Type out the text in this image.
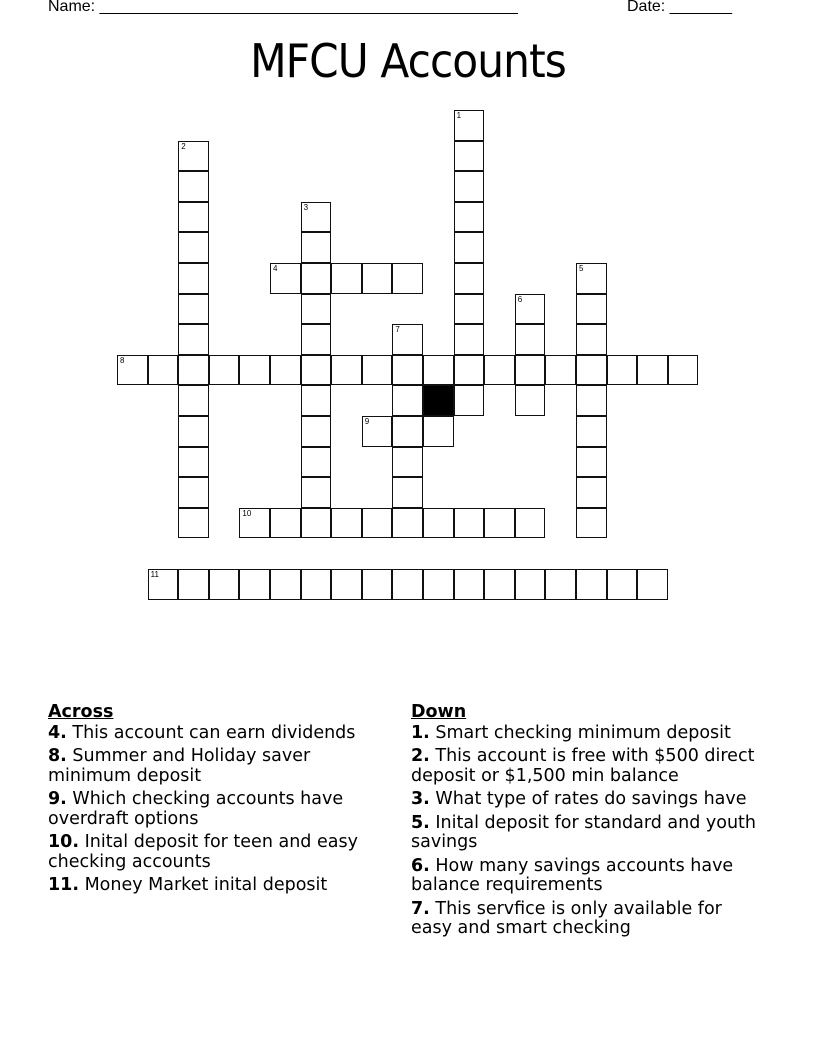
Name: _______________________________________________	Date: _______
MFCU Accounts
1
2
3
4	5
6
7
8
9
10
11
Across
4. This account can earn dividends
8. Summer and Holiday saver minimum deposit
9. Which checking accounts have overdraft options
10. Inital deposit for teen and easy checking accounts
11. Money Market inital deposit
Down
1. Smart checking minimum deposit
2. This account is free with $500 direct deposit or $1,500 min balance
3. What type of rates do savings have
5. Inital deposit for standard and youth savings
6. How many savings accounts have balance requirements
7. This servfice is only available for easy and smart checking
